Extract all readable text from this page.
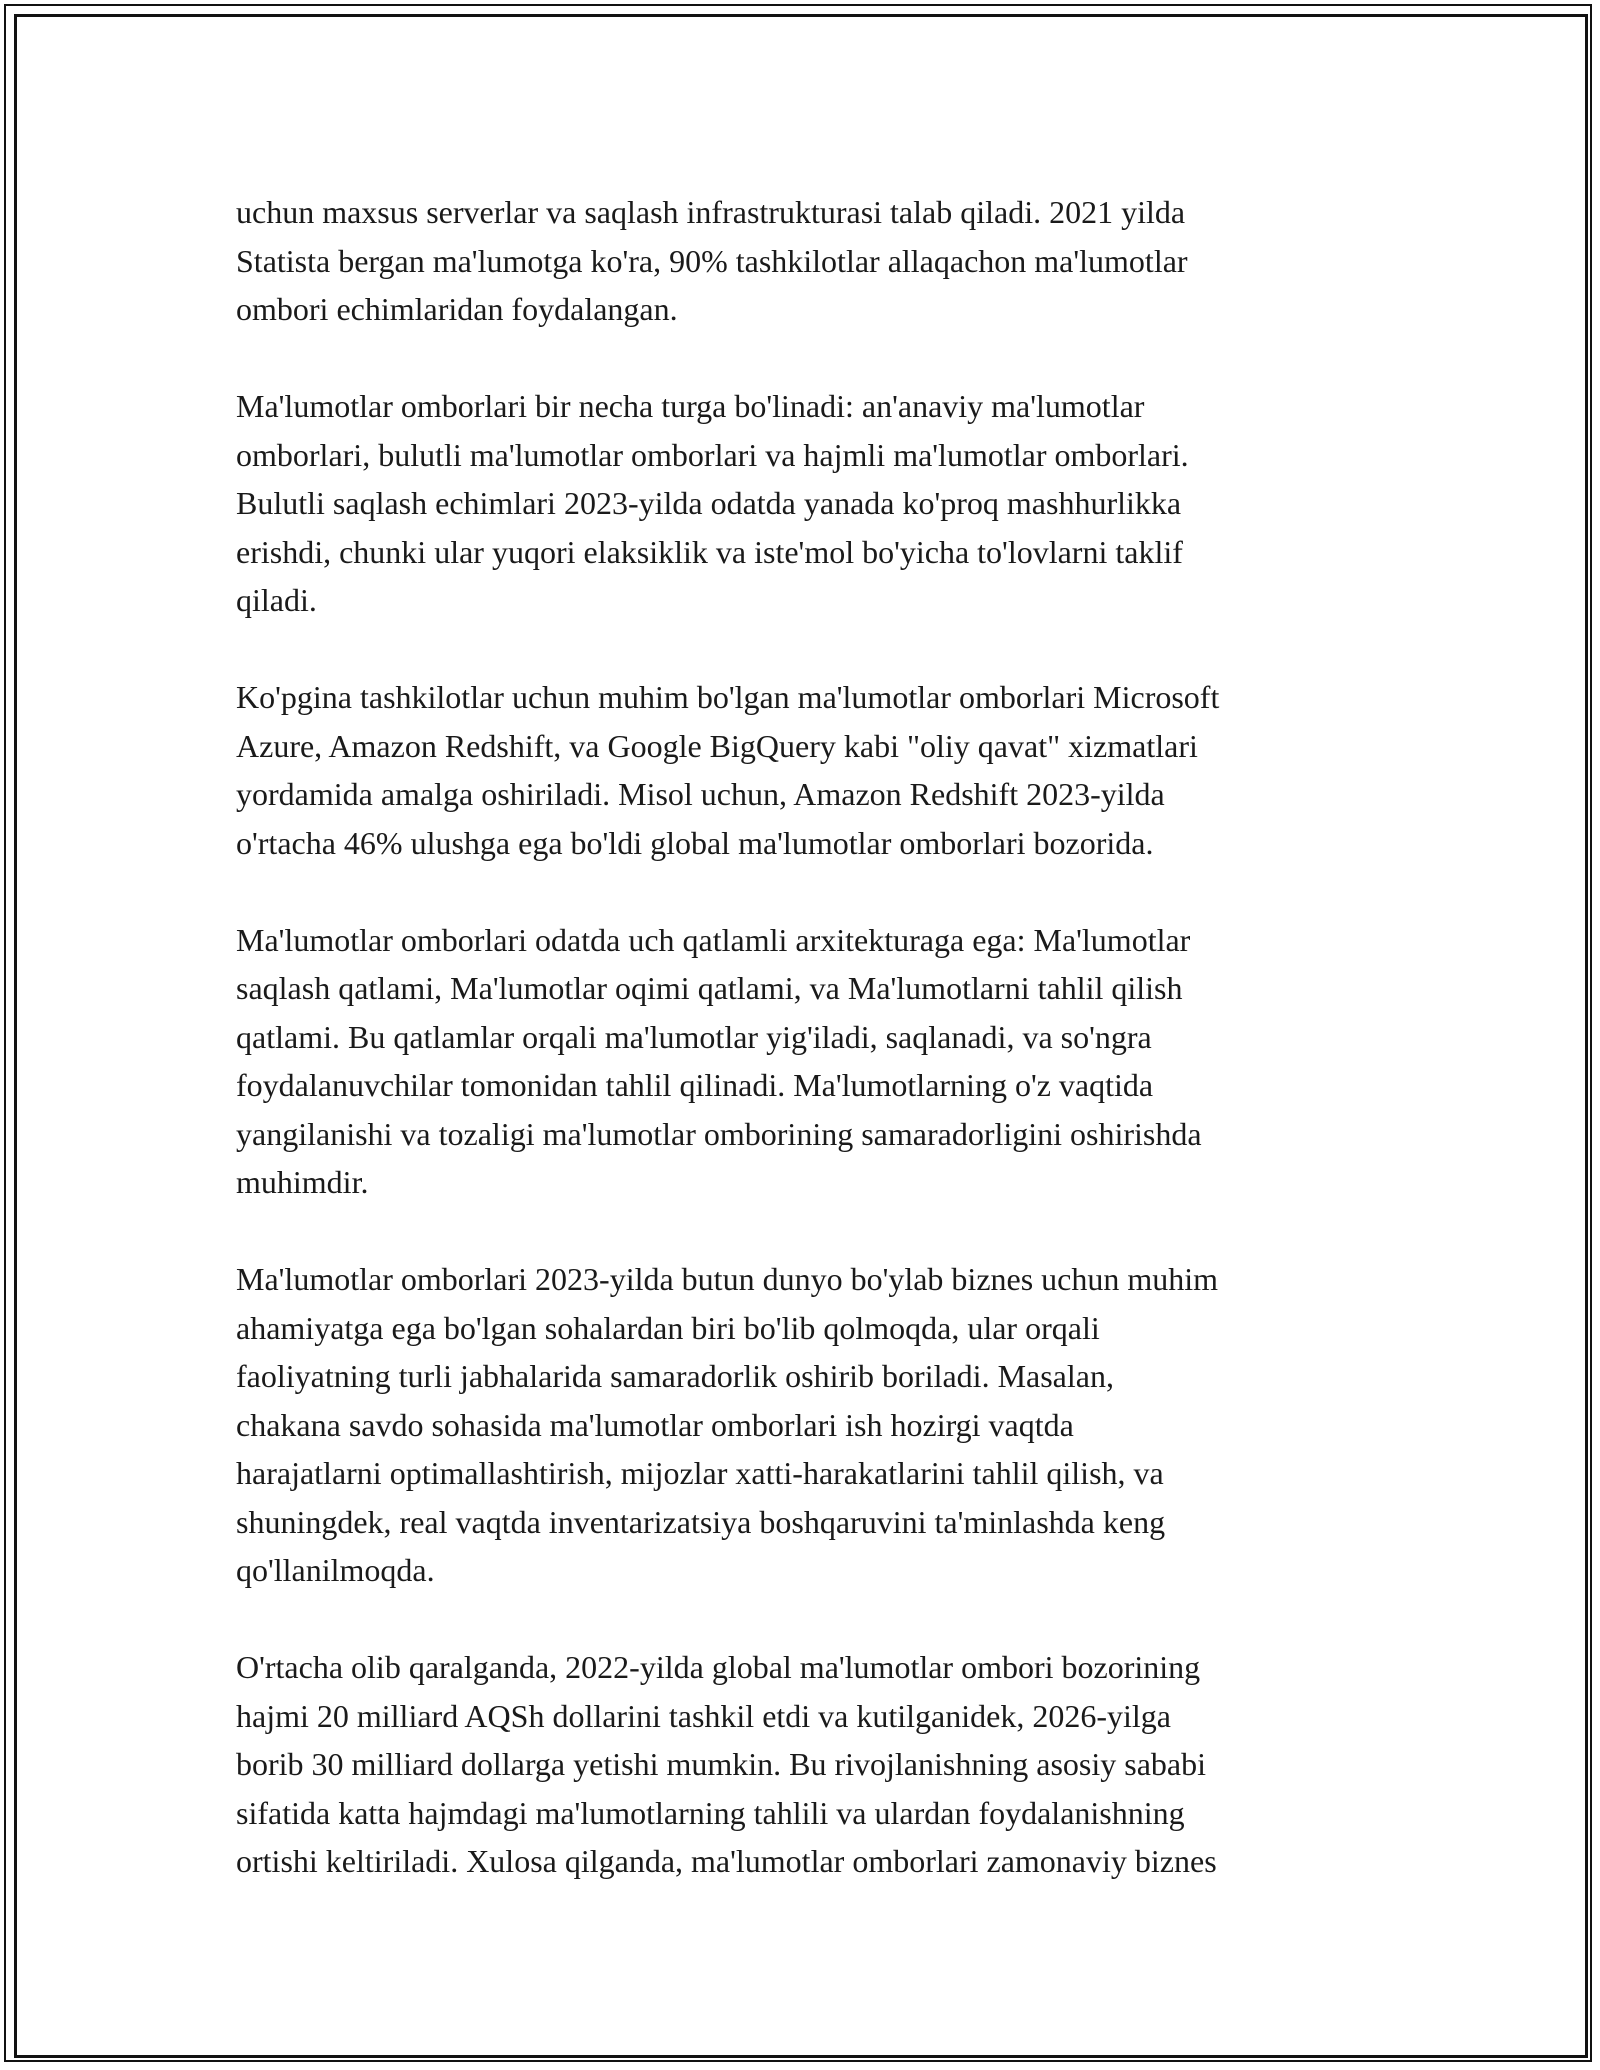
uchun maxsus serverlar va saqlash infrastrukturasi talab qiladi. 2021 yilda
Statista bergan ma'lumotga ko'ra, 90% tashkilotlar allaqachon ma'lumotlar
ombori echimlaridan foydalangan.

Ma'lumotlar omborlari bir necha turga bo'linadi: an'anaviy ma'lumotlar
omborlari, bulutli ma'lumotlar omborlari va hajmli ma'lumotlar omborlari.
Bulutli saqlash echimlari 2023-yilda odatda yanada ko'proq mashhurlikka
erishdi, chunki ular yuqori elaksiklik va iste'mol bo'yicha to'lovlarni taklif
qiladi.

Ko'pgina tashkilotlar uchun muhim bo'lgan ma'lumotlar omborlari Microsoft
Azure, Amazon Redshift, va Google BigQuery kabi "oliy qavat" xizmatlari
yordamida amalga oshiriladi. Misol uchun, Amazon Redshift 2023-yilda
o'rtacha 46% ulushga ega bo'ldi global ma'lumotlar omborlari bozorida.

Ma'lumotlar omborlari odatda uch qatlamli arxitekturaga ega: Ma'lumotlar
saqlash qatlami, Ma'lumotlar oqimi qatlami, va Ma'lumotlarni tahlil qilish
qatlami. Bu qatlamlar orqali ma'lumotlar yig'iladi, saqlanadi, va so'ngra
foydalanuvchilar tomonidan tahlil qilinadi. Ma'lumotlarning o'z vaqtida
yangilanishi va tozaligi ma'lumotlar omborining samaradorligini oshirishda
muhimdir.

Ma'lumotlar omborlari 2023-yilda butun dunyo bo'ylab biznes uchun muhim
ahamiyatga ega bo'lgan sohalardan biri bo'lib qolmoqda, ular orqali
faoliyatning turli jabhalarida samaradorlik oshirib boriladi. Masalan,
chakana savdo sohasida ma'lumotlar omborlari ish hozirgi vaqtda
harajatlarni optimallashtirish, mijozlar xatti-harakatlarini tahlil qilish, va
shuningdek, real vaqtda inventarizatsiya boshqaruvini ta'minlashda keng
qo'llanilmoqda.

O'rtacha olib qaralganda, 2022-yilda global ma'lumotlar ombori bozorining
hajmi 20 milliard AQSh dollarini tashkil etdi va kutilganidek, 2026-yilga
borib 30 milliard dollarga yetishi mumkin. Bu rivojlanishning asosiy sababi
sifatida katta hajmdagi ma'lumotlarning tahlili va ulardan foydalanishning
ortishi keltiriladi. Xulosa qilganda, ma'lumotlar omborlari zamonaviy biznes
